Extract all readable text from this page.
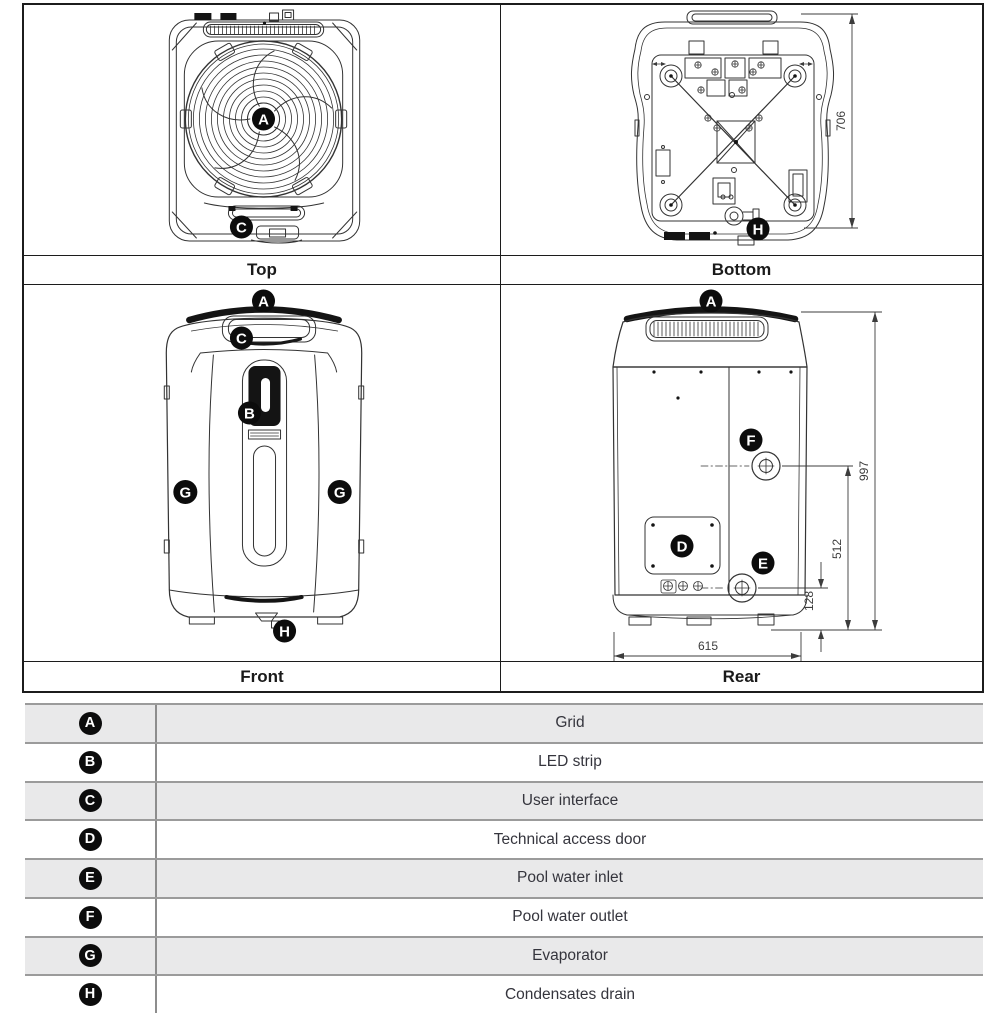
A
C
706
H
Top	Bottom
A
C
B
G	G
H
997
512
128
615
A
D
F
E
Front	Rear
A	Grid
B	LED strip
C	User interface
D	Technical access door
E	Pool water inlet
F	Pool water outlet
G	Evaporator
H	Condensates drain
